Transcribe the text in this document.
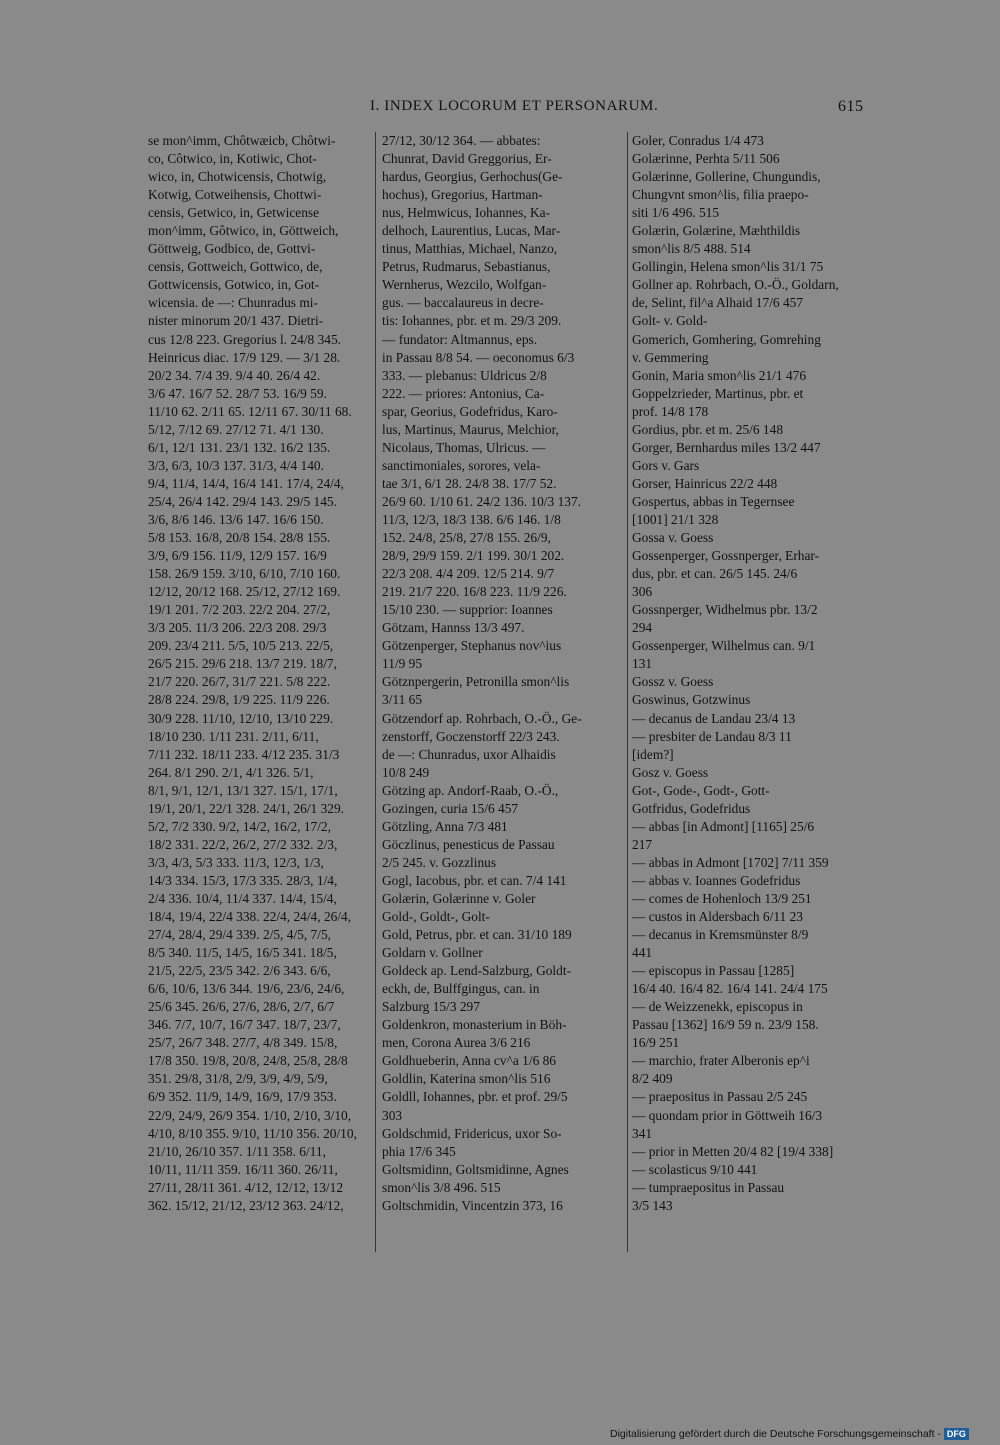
I. INDEX LOCORUM ET PERSONARUM.	615
se mon^imm, Chôtwæicb, Chôtwi-
co, Côtwico, in, Kotiwic, Chot-
wico, in, Chotwicensis, Chotwig,
Kotwig, Cotweihensis, Chottwi-
censis, Getwico, in, Getwicense
mon^imm, Gôtwico, in, Göttweich,
Göttweig, Godbico, de, Gottvi-
censis, Gottweich, Gottwico, de,
Gottwicensis, Gotwico, in, Got-
wicensia. de —: Chunradus mi-
nister minorum 20/1 437. Dietri-
cus 12/8 223. Gregorius l. 24/8 345.
Heinricus diac. 17/9 129. — 3/1 28.
20/2 34. 7/4 39. 9/4 40. 26/4 42.
3/6 47. 16/7 52. 28/7 53. 16/9 59.
11/10 62. 2/11 65. 12/11 67. 30/11 68.
5/12, 7/12 69. 27/12 71. 4/1 130.
6/1, 12/1 131. 23/1 132. 16/2 135.
3/3, 6/3, 10/3 137. 31/3, 4/4 140.
9/4, 11/4, 14/4, 16/4 141. 17/4, 24/4,
25/4, 26/4 142. 29/4 143. 29/5 145.
3/6, 8/6 146. 13/6 147. 16/6 150.
5/8 153. 16/8, 20/8 154. 28/8 155.
3/9, 6/9 156. 11/9, 12/9 157. 16/9
158. 26/9 159. 3/10, 6/10, 7/10 160.
12/12, 20/12 168. 25/12, 27/12 169.
19/1 201. 7/2 203. 22/2 204. 27/2,
3/3 205. 11/3 206. 22/3 208. 29/3
209. 23/4 211. 5/5, 10/5 213. 22/5,
26/5 215. 29/6 218. 13/7 219. 18/7,
21/7 220. 26/7, 31/7 221. 5/8 222.
28/8 224. 29/8, 1/9 225. 11/9 226.
30/9 228. 11/10, 12/10, 13/10 229.
18/10 230. 1/11 231. 2/11, 6/11,
7/11 232. 18/11 233. 4/12 235. 31/3
264. 8/1 290. 2/1, 4/1 326. 5/1,
8/1, 9/1, 12/1, 13/1 327. 15/1, 17/1,
19/1, 20/1, 22/1 328. 24/1, 26/1 329.
5/2, 7/2 330. 9/2, 14/2, 16/2, 17/2,
18/2 331. 22/2, 26/2, 27/2 332. 2/3,
3/3, 4/3, 5/3 333. 11/3, 12/3, 1/3,
14/3 334. 15/3, 17/3 335. 28/3, 1/4,
2/4 336. 10/4, 11/4 337. 14/4, 15/4,
18/4, 19/4, 22/4 338. 22/4, 24/4, 26/4,
27/4, 28/4, 29/4 339. 2/5, 4/5, 7/5,
8/5 340. 11/5, 14/5, 16/5 341. 18/5,
21/5, 22/5, 23/5 342. 2/6 343. 6/6,
6/6, 10/6, 13/6 344. 19/6, 23/6, 24/6,
25/6 345. 26/6, 27/6, 28/6, 2/7, 6/7
346. 7/7, 10/7, 16/7 347. 18/7, 23/7,
25/7, 26/7 348. 27/7, 4/8 349. 15/8,
17/8 350. 19/8, 20/8, 24/8, 25/8, 28/8
351. 29/8, 31/8, 2/9, 3/9, 4/9, 5/9,
6/9 352. 11/9, 14/9, 16/9, 17/9 353.
22/9, 24/9, 26/9 354. 1/10, 2/10, 3/10,
4/10, 8/10 355. 9/10, 11/10 356. 20/10,
21/10, 26/10 357. 1/11 358. 6/11,
10/11, 11/11 359. 16/11 360. 26/11,
27/11, 28/11 361. 4/12, 12/12, 13/12
362. 15/12, 21/12, 23/12 363. 24/12,
27/12, 30/12 364. — abbates:
Chunrat, David Greggorius, Er-
hardus, Georgius, Gerhochus(Ge-
hochus), Gregorius, Hartman-
nus, Helmwicus, Iohannes, Ka-
delhoch, Laurentius, Lucas, Mar-
tinus, Matthias, Michael, Nanzo,
Petrus, Rudmarus, Sebastianus,
Wernherus, Wezcilo, Wolfgan-
gus. — baccalaureus in decre-
tis: Iohannes, pbr. et m. 29/3 209.
— fundator: Altmannus, eps.
in Passau 8/8 54. — oeconomus 6/3
333. — plebanus: Uldricus 2/8
222. — priores: Antonius, Ca-
spar, Georius, Godefridus, Karo-
lus, Martinus, Maurus, Melchior,
Nicolaus, Thomas, Ulricus. —
sanctimoniales, sorores, vela-
tae 3/1, 6/1 28. 24/8 38. 17/7 52.
26/9 60. 1/10 61. 24/2 136. 10/3 137.
11/3, 12/3, 18/3 138. 6/6 146. 1/8
152. 24/8, 25/8, 27/8 155. 26/9,
28/9, 29/9 159. 2/1 199. 30/1 202.
22/3 208. 4/4 209. 12/5 214. 9/7
219. 21/7 220. 16/8 223. 11/9 226.
15/10 230. — supprior: Ioannes
Götzam, Hannss 13/3 497.
Götzenperger, Stephanus nov^ius
11/9 95
Götznpergerin, Petronilla smon^lis
3/11 65
Götzendorf ap. Rohrbach, O.-Ö., Ge-
zenstorff, Goczenstorff 22/3 243.
de —: Chunradus, uxor Alhaidis
10/8 249
Götzing ap. Andorf-Raab, O.-Ö.,
Gozingen, curia 15/6 457
Götzling, Anna 7/3 481
Göczlinus, penesticus de Passau
2/5 245. v. Gozzlinus
Gogl, Iacobus, pbr. et can. 7/4 141
Golærin, Golærinne v. Goler
Gold-, Goldt-, Golt-
Gold, Petrus, pbr. et can. 31/10 189
Goldarn v. Gollner
Goldeck ap. Lend-Salzburg, Goldt-
eckh, de, Bulffgingus, can. in
Salzburg 15/3 297
Goldenkron, monasterium in Böh-
men, Corona Aurea 3/6 216
Goldhueberin, Anna cv^a 1/6 86
Goldlin, Katerina smon^lis 516
Goldll, Iohannes, pbr. et prof. 29/5
303
Goldschmid, Fridericus, uxor So-
phia 17/6 345
Goltsmidinn, Goltsmidinne, Agnes
smon^lis 3/8 496. 515
Goltschmidin, Vincentzin 373, 16
Goler, Conradus 1/4 473
Golærinne, Perhta 5/11 506
Golærinne, Gollerine, Chungundis,
Chungvnt smon^lis, filia praepo-
siti 1/6 496. 515
Golærin, Golærine, Mæhthildis
smon^lis 8/5 488. 514
Gollingin, Helena smon^lis 31/1 75
Gollner ap. Rohrbach, O.-Ö., Goldarn,
de, Selint, fil^a Alhaid 17/6 457
Golt- v. Gold-
Gomerich, Gomhering, Gomrehing
v. Gemmering
Gonin, Maria smon^lis 21/1 476
Goppelzrieder, Martinus, pbr. et
prof. 14/8 178
Gordius, pbr. et m. 25/6 148
Gorger, Bernhardus miles 13/2 447
Gors v. Gars
Gorser, Hainricus 22/2 448
Gospertus, abbas in Tegernsee
[1001] 21/1 328
Gossa v. Goess
Gossenperger, Gossnperger, Erhar-
dus, pbr. et can. 26/5 145. 24/6
306
Gossnperger, Widhelmus pbr. 13/2
294
Gossenperger, Wilhelmus can. 9/1
131
Gossz v. Goess
Goswinus, Gotzwinus
— decanus de Landau 23/4 13
— presbiter de Landau 8/3 11
[idem?]
Gosz v. Goess
Got-, Gode-, Godt-, Gott-
Gotfridus, Godefridus
— abbas [in Admont] [1165] 25/6
217
— abbas in Admont [1702] 7/11 359
— abbas v. Ioannes Godefridus
— comes de Hohenloch 13/9 251
— custos in Aldersbach 6/11 23
— decanus in Kremsmünster 8/9
441
— episcopus in Passau [1285]
16/4 40. 16/4 82. 16/4 141. 24/4 175
— de Weizzenekk, episcopus in
Passau [1362] 16/9 59 n. 23/9 158.
16/9 251
— marchio, frater Alberonis ep^i
8/2 409
— praepositus in Passau 2/5 245
— quondam prior in Göttweih 16/3
341
— prior in Metten 20/4 82 [19/4 338]
— scolasticus 9/10 441
— tumpraepositus in Passau
3/5 143
Digitalisierung gefördert durch die Deutsche Forschungsgemeinschaft - DFG
